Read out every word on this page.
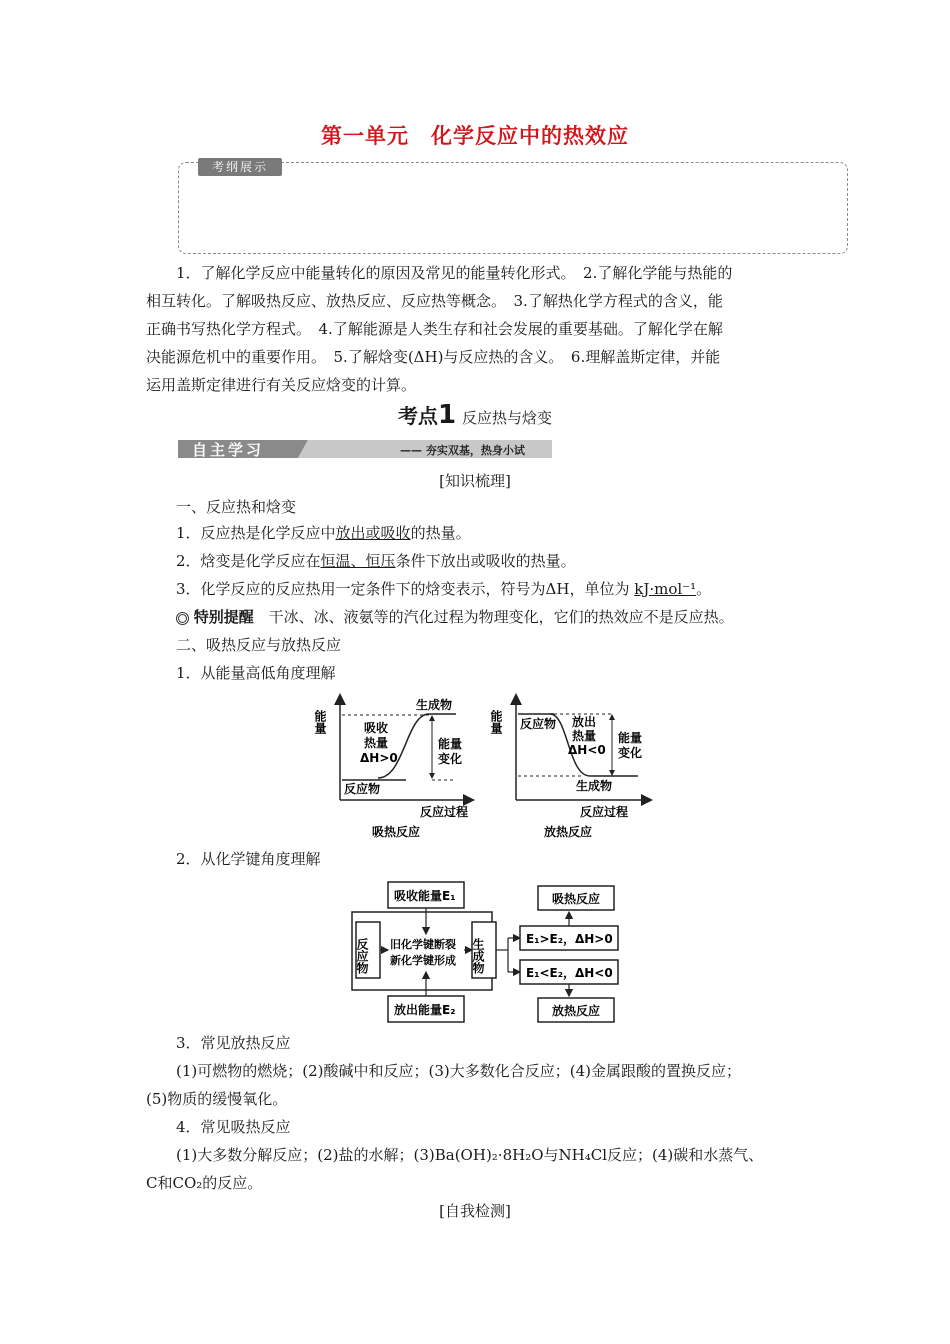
第一单元　化学反应中的热效应
考纲展示
1．了解化学反应中能量转化的原因及常见的能量转化形式。　2.了解化学能与热能的
相互转化。了解吸热反应、放热反应、反应热等概念。　3.了解热化学方程式的含义，能
正确书写热化学方程式。　4.了解能源是人类生存和社会发展的重要基础。了解化学在解
决能源危机中的重要作用。　5.了解焓变(ΔH)与反应热的含义。　6.理解盖斯定律，并能
运用盖斯定律进行有关反应焓变的计算。
考点1 反应热与焓变
自主学习	—— 夯实双基，热身小试
[知识梳理]
一、反应热和焓变
1．反应热是化学反应中放出或吸收的热量。
2．焓变是化学反应在恒温、恒压条件下放出或吸收的热量。
3．化学反应的反应热用一定条件下的焓变表示，符号为ΔH，单位为 kJ·mol⁻¹。
特别提醒 干冰、冰、液氨等的汽化过程为物理变化，它们的热效应不是反应热。
二、吸热反应与放热反应
1．从能量高低角度理解
能量
生成物
反应物
吸收
热量
ΔH>0
能量
变化
反应过程
吸热反应
能量 反应物
生成物
放出
热量
ΔH<0
能量
变化
反应过程
放热反应
2．从化学键角度理解
吸收能量E₁
放出能量E₂
反应物 旧化学键断裂
新化学键形成 生成物	E₁>E₂，ΔH>0
E₁<E₂，ΔH<0
吸热反应
放热反应
3．常见放热反应
(1)可燃物的燃烧；(2)酸碱中和反应；(3)大多数化合反应；(4)金属跟酸的置换反应；
(5)物质的缓慢氧化。
4．常见吸热反应
(1)大多数分解反应；(2)盐的水解；(3)Ba(OH)₂·8H₂O与NH₄Cl反应；(4)碳和水蒸气、
C和CO₂的反应。
[自我检测]
